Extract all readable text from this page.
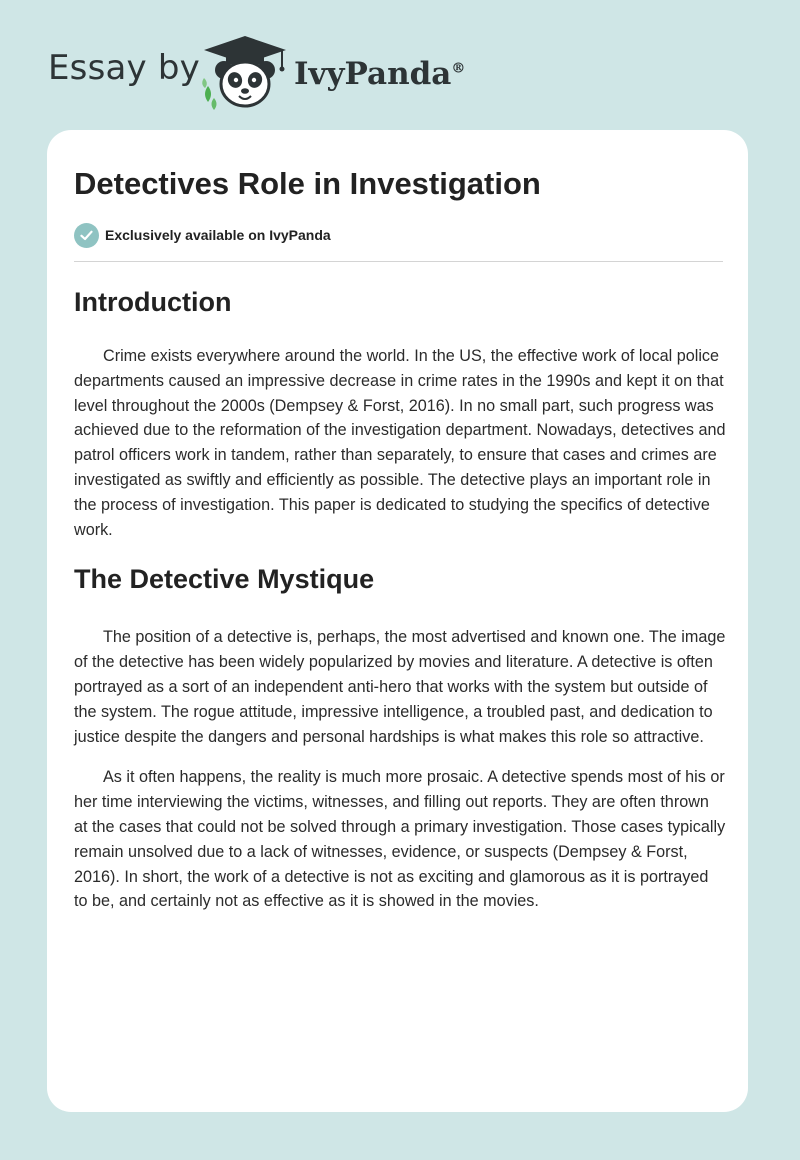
Essay by	IvyPanda®
Detectives Role in Investigation
Exclusively available on IvyPanda
Introduction

Crime exists everywhere around the world. In the US, the effective work of local police departments caused an impressive decrease in crime rates in the 1990s and kept it on that level throughout the 2000s (Dempsey & Forst, 2016). In no small part, such progress was achieved due to the reformation of the investigation department. Nowadays, detectives and patrol officers work in tandem, rather than separately, to ensure that cases and crimes are investigated as swiftly and efficiently as possible. The detective plays an important role in the process of investigation. This paper is dedicated to studying the specifics of detective work.

The Detective Mystique

The position of a detective is, perhaps, the most advertised and known one. The image of the detective has been widely popularized by movies and literature. A detective is often portrayed as a sort of an independent anti-hero that works with the system but outside of the system. The rogue attitude, impressive intelligence, a troubled past, and dedication to justice despite the dangers and personal hardships is what makes this role so attractive.

As it often happens, the reality is much more prosaic. A detective spends most of his or her time interviewing the victims, witnesses, and filling out reports. They are often thrown at the cases that could not be solved through a primary investigation. Those cases typically remain unsolved due to a lack of witnesses, evidence, or suspects (Dempsey & Forst, 2016). In short, the work of a detective is not as exciting and glamorous as it is portrayed to be, and certainly not as effective as it is showed in the movies.
